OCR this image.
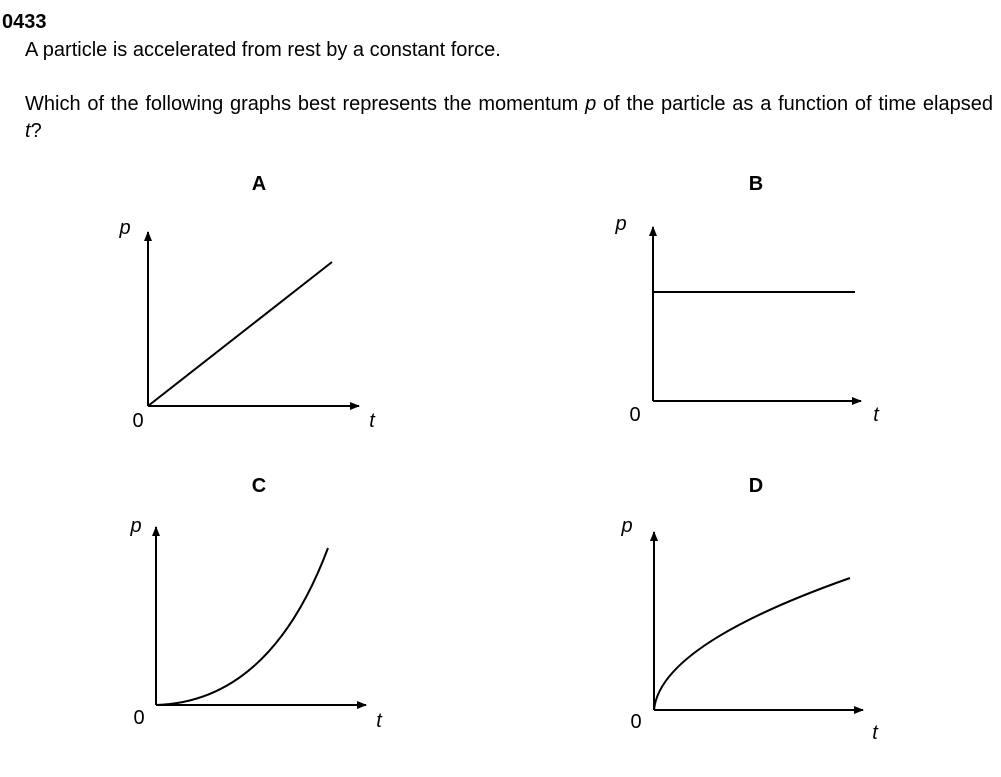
0433
A particle is accelerated from rest by a constant force.
Which of the following graphs best represents the momentum p of the particle as a function of time elapsed t?
A
p
0	t
B
p
0	t
C
p
0	t
D
p
0	t
